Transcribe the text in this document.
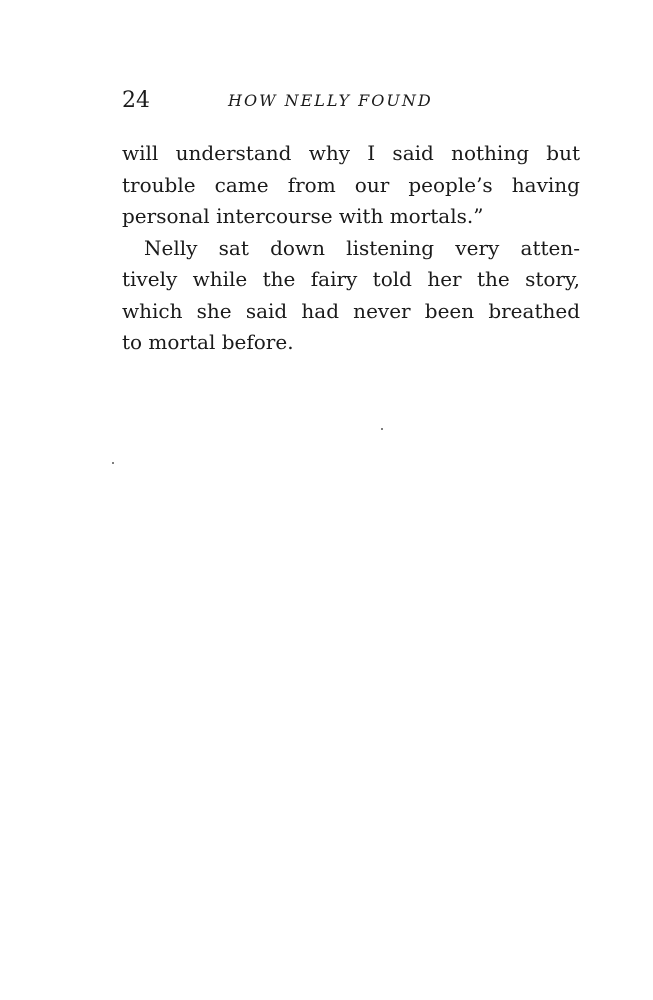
24	HOW NELLY FOUND
will understand why I said nothing but
trouble came from our people’s having
personal intercourse with mortals.”
Nelly sat down listening very atten-
tively while the fairy told her the story,
which she said had never been breathed
to mortal before.
